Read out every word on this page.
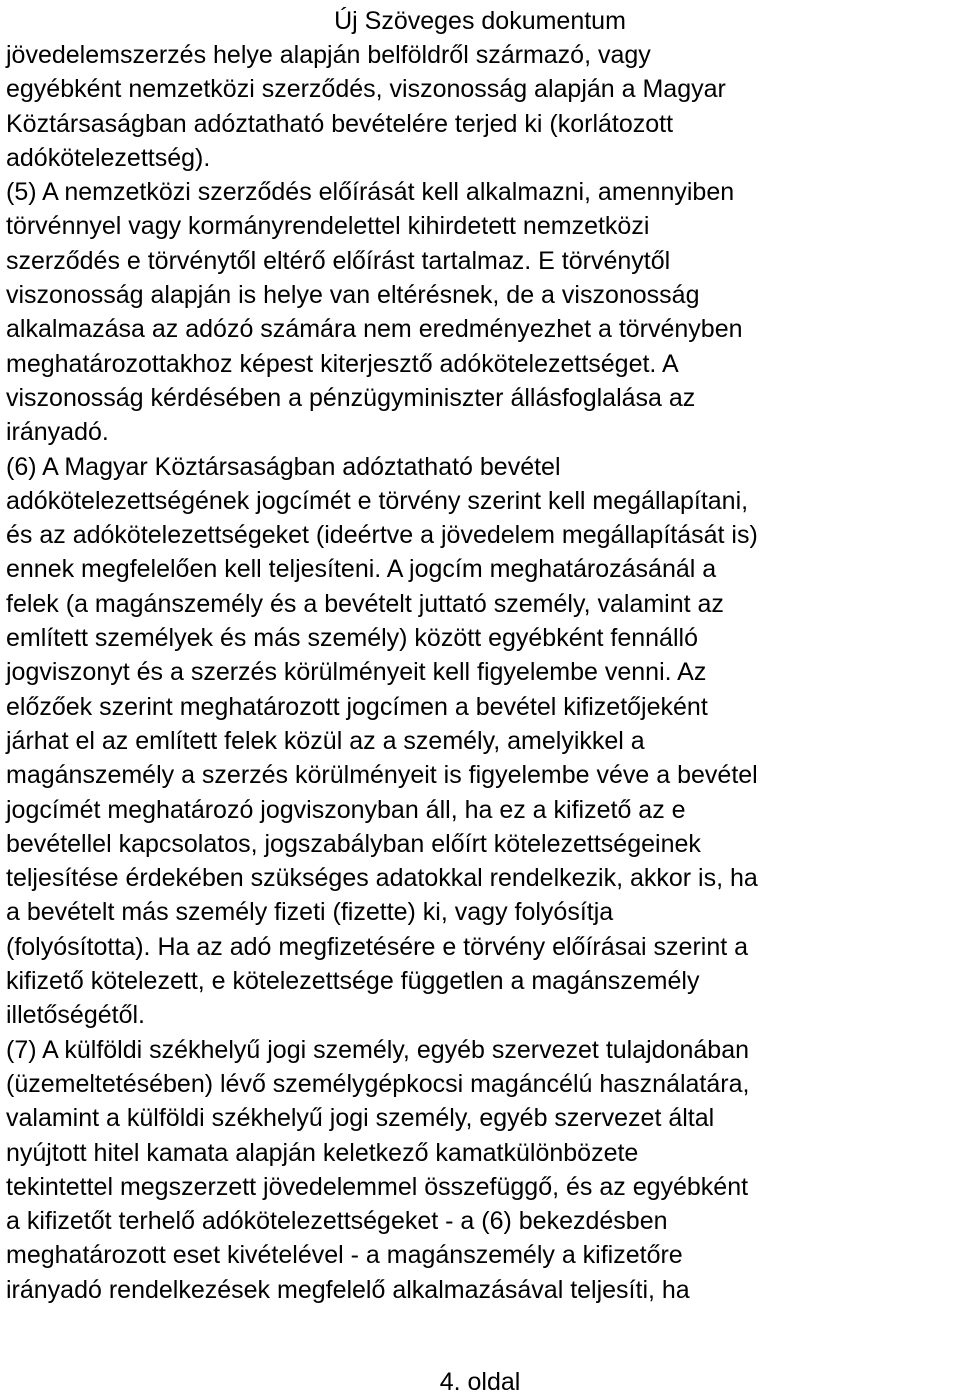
Új Szöveges dokumentum
jövedelemszerzés helye alapján belföldről származó, vagy
egyébként nemzetközi szerződés, viszonosság alapján a Magyar
Köztársaságban adóztatható bevételére terjed ki (korlátozott
adókötelezettség).
(5) A nemzetközi szerződés előírását kell alkalmazni, amennyiben
törvénnyel vagy kormányrendelettel kihirdetett nemzetközi
szerződés e törvénytől eltérő előírást tartalmaz. E törvénytől
viszonosság alapján is helye van eltérésnek, de a viszonosság
alkalmazása az adózó számára nem eredményezhet a törvényben
meghatározottakhoz képest kiterjesztő adókötelezettséget. A
viszonosság kérdésében a pénzügyminiszter állásfoglalása az
irányadó.
(6) A Magyar Köztársaságban adóztatható bevétel
adókötelezettségének jogcímét e törvény szerint kell megállapítani,
és az adókötelezettségeket (ideértve a jövedelem megállapítását is)
ennek megfelelően kell teljesíteni. A jogcím meghatározásánál a
felek (a magánszemély és a bevételt juttató személy, valamint az
említett személyek és más személy) között egyébként fennálló
jogviszonyt és a szerzés körülményeit kell figyelembe venni. Az
előzőek szerint meghatározott jogcímen a bevétel kifizetőjeként
járhat el az említett felek közül az a személy, amelyikkel a
magánszemély a szerzés körülményeit is figyelembe véve a bevétel
jogcímét meghatározó jogviszonyban áll, ha ez a kifizető az e
bevétellel kapcsolatos, jogszabályban előírt kötelezettségeinek
teljesítése érdekében szükséges adatokkal rendelkezik, akkor is, ha
a bevételt más személy fizeti (fizette) ki, vagy folyósítja
(folyósította). Ha az adó megfizetésére e törvény előírásai szerint a
kifizető kötelezett, e kötelezettsége független a magánszemély
illetőségétől.
(7) A külföldi székhelyű jogi személy, egyéb szervezet tulajdonában
(üzemeltetésében) lévő személygépkocsi magáncélú használatára,
valamint a külföldi székhelyű jogi személy, egyéb szervezet által
nyújtott hitel kamata alapján keletkező kamatkülönbözete
tekintettel megszerzett jövedelemmel összefüggő, és az egyébként
a kifizetőt terhelő adókötelezettségeket - a (6) bekezdésben
meghatározott eset kivételével - a magánszemély a kifizetőre
irányadó rendelkezések megfelelő alkalmazásával teljesíti, ha
4. oldal
